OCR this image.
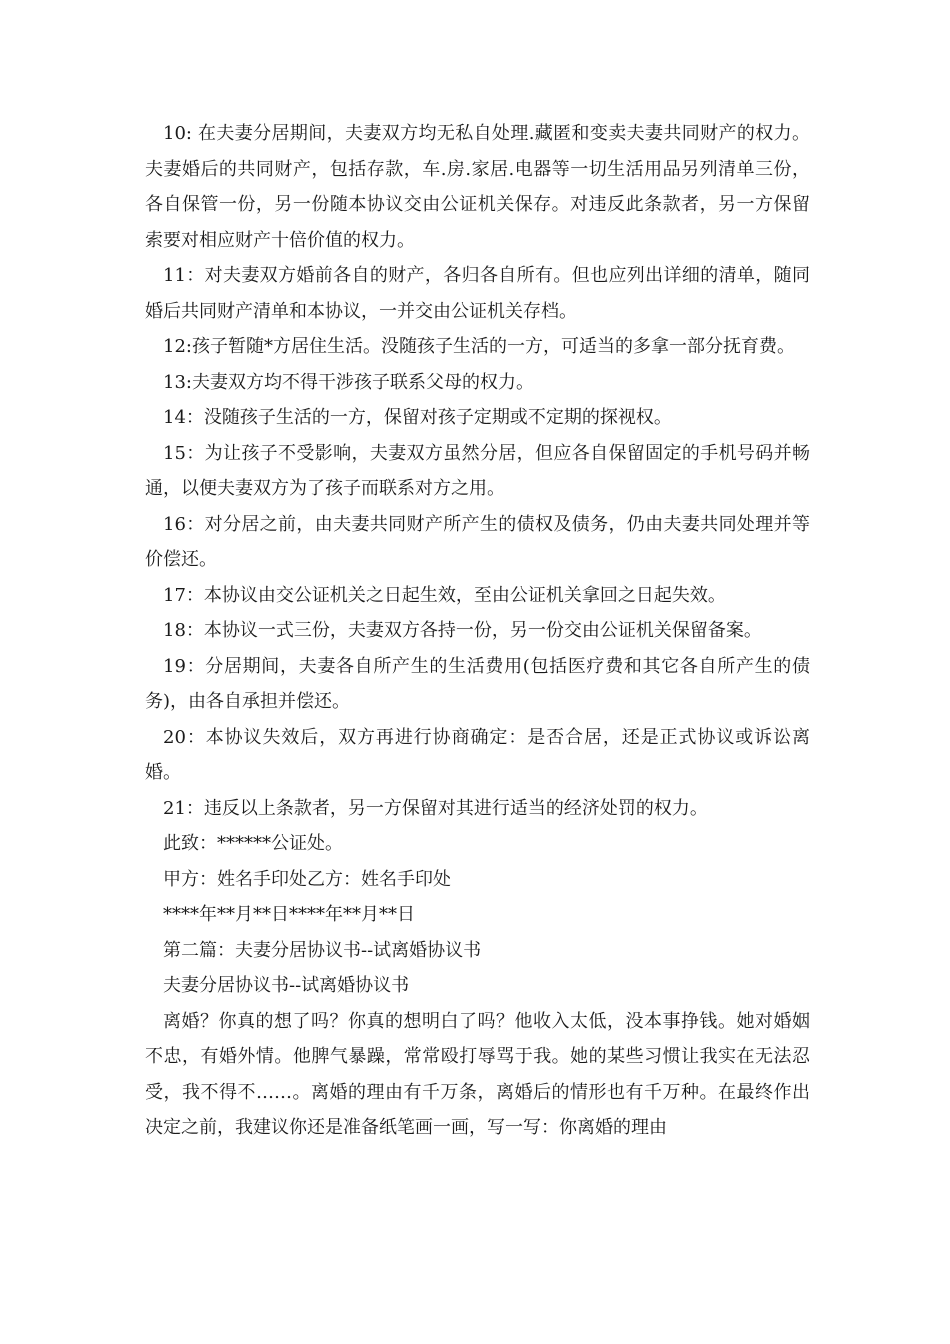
10: 在夫妻分居期间，夫妻双方均无私自处理.藏匿和变卖夫妻共同财产的权力。夫妻婚后的共同财产，包括存款，车.房.家居.电器等一切生活用品另列清单三份，各自保管一份，另一份随本协议交由公证机关保存。对违反此条款者，另一方保留索要对相应财产十倍价值的权力。

11：对夫妻双方婚前各自的财产，各归各自所有。但也应列出详细的清单，随同婚后共同财产清单和本协议，一并交由公证机关存档。

12:孩子暂随*方居住生活。没随孩子生活的一方，可适当的多拿一部分抚育费。

13:夫妻双方均不得干涉孩子联系父母的权力。

14：没随孩子生活的一方，保留对孩子定期或不定期的探视权。

15：为让孩子不受影响，夫妻双方虽然分居，但应各自保留固定的手机号码并畅通，以便夫妻双方为了孩子而联系对方之用。

16：对分居之前，由夫妻共同财产所产生的债权及债务，仍由夫妻共同处理并等价偿还。

17：本协议由交公证机关之日起生效，至由公证机关拿回之日起失效。

18：本协议一式三份，夫妻双方各持一份，另一份交由公证机关保留备案。

19：分居期间，夫妻各自所产生的生活费用(包括医疗费和其它各自所产生的债务)，由各自承担并偿还。

20：本协议失效后，双方再进行协商确定：是否合居，还是正式协议或诉讼离婚。

21：违反以上条款者，另一方保留对其进行适当的经济处罚的权力。

此致：******公证处。

甲方：姓名手印处乙方：姓名手印处

****年**月**日****年**月**日

第二篇：夫妻分居协议书--试离婚协议书

夫妻分居协议书--试离婚协议书

离婚？你真的想了吗？你真的想明白了吗？他收入太低，没本事挣钱。她对婚姻不忠，有婚外情。他脾气暴躁，常常殴打辱骂于我。她的某些习惯让我实在无法忍受，我不得不……。离婚的理由有千万条，离婚后的情形也有千万种。在最终作出决定之前，我建议你还是准备纸笔画一画，写一写：你离婚的理由
